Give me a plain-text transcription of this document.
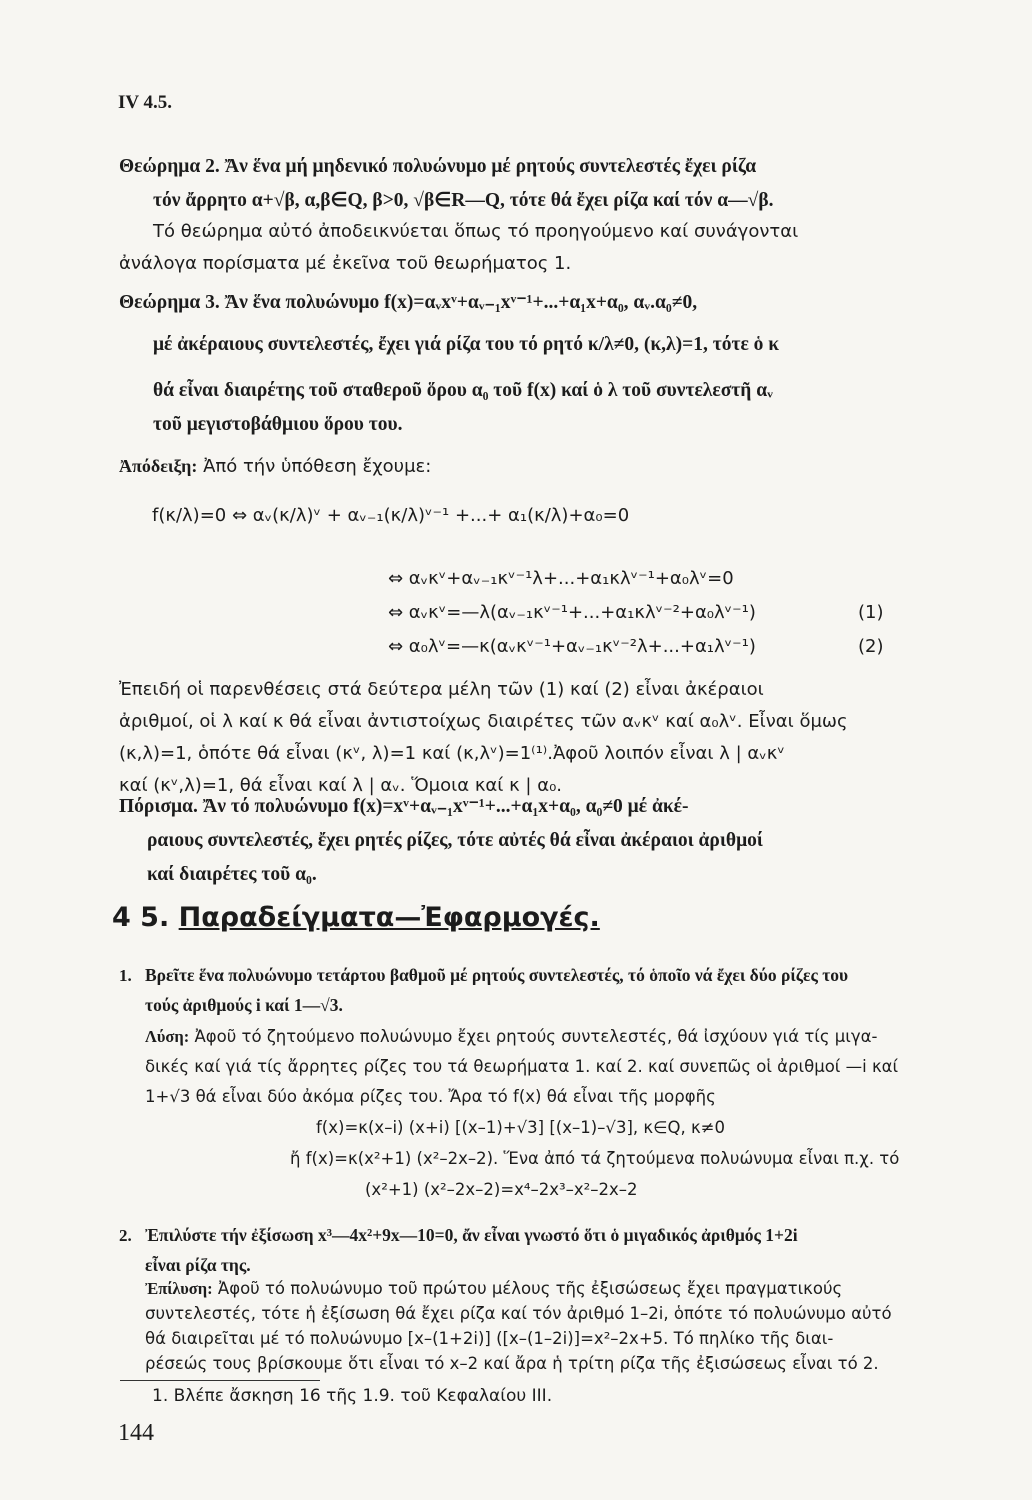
IV 4.5.
Θεώρημα 2. Ἄν ἕνα μή μηδενικό πολυώνυμο μέ ρητούς συντελεστές ἔχει ρίζα
τόν ἄρρητο α+√β, α,β∈Q, β>0, √β∈R—Q, τότε θά ἔχει ρίζα καί τόν α—√β.
Τό θεώρημα αὐτό ἀποδεικνύεται ὅπως τό προηγούμενο καί συνάγονται
ἀνάλογα πορίσματα μέ ἐκεῖνα τοῦ θεωρήματος 1.
Θεώρημα 3. Ἄν ἕνα πολυώνυμο f(x)=αᵥxᵛ+αᵥ₋₁xᵛ⁻¹+...+α₁x+α₀, αᵥ.α₀≠0,
μέ ἀκέραιους συντελεστές, ἔχει γιά ρίζα του τό ρητό κ/λ≠0, (κ,λ)=1, τότε ὁ κ
θά εἶναι διαιρέτης τοῦ σταθεροῦ ὅρου α₀ τοῦ f(x) καί ὁ λ τοῦ συντελεστῆ αᵥ
τοῦ μεγιστοβάθμιου ὅρου του.
Ἀπόδειξη: Ἀπό τήν ὑπόθεση ἔχουμε:
f(κ/λ)=0 ⇔ αᵥ(κ/λ)ᵛ + αᵥ₋₁(κ/λ)ᵛ⁻¹ +...+ α₁(κ/λ)+α₀=0
⇔ αᵥκᵛ+αᵥ₋₁κᵛ⁻¹λ+...+α₁κλᵛ⁻¹+α₀λᵛ=0
⇔ αᵥκᵛ=—λ(αᵥ₋₁κᵛ⁻¹+...+α₁κλᵛ⁻²+α₀λᵛ⁻¹)	(1)
⇔ α₀λᵛ=—κ(αᵥκᵛ⁻¹+αᵥ₋₁κᵛ⁻²λ+...+α₁λᵛ⁻¹)	(2)
Ἐπειδή οἱ παρενθέσεις στά δεύτερα μέλη τῶν (1) καί (2) εἶναι ἀκέραιοι
ἀριθμοί, οἱ λ καί κ θά εἶναι ἀντιστοίχως διαιρέτες τῶν αᵥκᵛ καί α₀λᵛ. Εἶναι ὅμως
(κ,λ)=1, ὁπότε θά εἶναι (κᵛ, λ)=1 καί (κ,λᵛ)=1⁽¹⁾.Ἀφοῦ λοιπόν εἶναι λ | αᵥκᵛ
καί (κᵛ,λ)=1, θά εἶναι καί λ | αᵥ. Ὅμοια καί κ | α₀.
Πόρισμα. Ἄν τό πολυώνυμο f(x)=xᵛ+αᵥ₋₁xᵛ⁻¹+...+α₁x+α₀, α₀≠0 μέ ἀκέ-
ραιους συντελεστές, ἔχει ρητές ρίζες, τότε αὐτές θά εἶναι ἀκέραιοι ἀριθμοί
καί διαιρέτες τοῦ α₀.
4 5. Παραδείγματα—Ἐφαρμογές.
1. Βρεῖτε ἕνα πολυώνυμο τετάρτου βαθμοῦ μέ ρητούς συντελεστές, τό ὁποῖο νά ἔχει δύο ρίζες του
τούς ἀριθμούς i καί 1—√3.
Λύση: Ἀφοῦ τό ζητούμενο πολυώνυμο ἔχει ρητούς συντελεστές, θά ἰσχύουν γιά τίς μιγα-
δικές καί γιά τίς ἄρρητες ρίζες του τά θεωρήματα 1. καί 2. καί συνεπῶς οἱ ἀριθμοί —i καί
1+√3 θά εἶναι δύο ἀκόμα ρίζες του. Ἄρα τό f(x) θά εἶναι τῆς μορφῆς
f(x)=κ(x–i) (x+i) [(x–1)+√3] [(x–1)–√3], κ∈Q, κ≠0
ἤ f(x)=κ(x²+1) (x²–2x–2). Ἕνα ἀπό τά ζητούμενα πολυώνυμα εἶναι π.χ. τό
(x²+1) (x²–2x–2)=x⁴–2x³–x²–2x–2
2. Ἐπιλύστε τήν ἐξίσωση x³—4x²+9x—10=0, ἄν εἶναι γνωστό ὅτι ὁ μιγαδικός ἀριθμός 1+2i
εἶναι ρίζα της.
Ἐπίλυση: Ἀφοῦ τό πολυώνυμο τοῦ πρώτου μέλους τῆς ἐξισώσεως ἔχει πραγματικούς
συντελεστές, τότε ἡ ἐξίσωση θά ἔχει ρίζα καί τόν ἀριθμό 1–2i, ὁπότε τό πολυώνυμο αὐτό
θά διαιρεῖται μέ τό πολυώνυμο [x–(1+2i)] ([x–(1–2i)]=x²–2x+5. Τό πηλίκο τῆς διαι-
ρέσεώς τους βρίσκουμε ὅτι εἶναι τό x–2 καί ἄρα ἡ τρίτη ρίζα τῆς ἐξισώσεως εἶναι τό 2.
1. Βλέπε ἄσκηση 16 τῆς 1.9. τοῦ Κεφαλαίου III.
144
